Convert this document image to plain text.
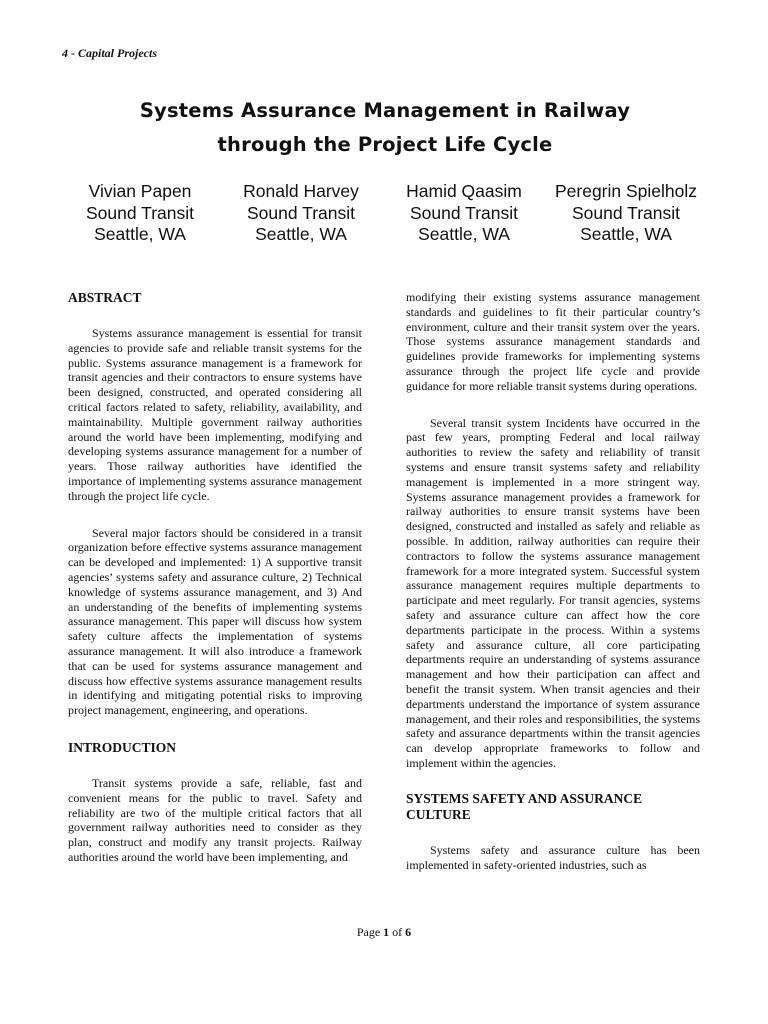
4 - Capital Projects
Systems Assurance Management in Railway
through the Project Life Cycle
Vivian Papen
Sound Transit
Seattle, WA
Ronald Harvey
Sound Transit
Seattle, WA
Hamid Qaasim
Sound Transit
Seattle, WA
Peregrin Spielholz
Sound Transit
Seattle, WA
ABSTRACT

Systems assurance management is essential for transit agencies to provide safe and reliable transit systems for the public. Systems assurance management is a framework for transit agencies and their contractors to ensure systems have been designed, constructed, and operated considering all critical factors related to safety, reliability, availability, and maintainability. Multiple government railway authorities around the world have been implementing, modifying and developing systems assurance management for a number of years. Those railway authorities have identified the importance of implementing systems assurance management through the project life cycle.

Several major factors should be considered in a transit organization before effective systems assurance management can be developed and implemented: 1) A supportive transit agencies’ systems safety and assurance culture, 2) Technical knowledge of systems assurance management, and 3) And an understanding of the benefits of implementing systems assurance management. This paper will discuss how system safety culture affects the implementation of systems assurance management. It will also introduce a framework that can be used for systems assurance management and discuss how effective systems assurance management results in identifying and mitigating potential risks to improving project management, engineering, and operations.

INTRODUCTION

Transit systems provide a safe, reliable, fast and convenient means for the public to travel. Safety and reliability are two of the multiple critical factors that all government railway authorities need to consider as they plan, construct and modify any transit projects. Railway authorities around the world have been implementing, and

modifying their existing systems assurance management standards and guidelines to fit their particular country’s environment, culture and their transit system over the years. Those systems assurance management standards and guidelines provide frameworks for implementing systems assurance through the project life cycle and provide guidance for more reliable transit systems during operations.

Several transit system Incidents have occurred in the past few years, prompting Federal and local railway authorities to review the safety and reliability of transit systems and ensure transit systems safety and reliability management is implemented in a more stringent way. Systems assurance management provides a framework for railway authorities to ensure transit systems have been designed, constructed and installed as safely and reliable as possible. In addition, railway authorities can require their contractors to follow the systems assurance management framework for a more integrated system. Successful system assurance management requires multiple departments to participate and meet regularly. For transit agencies, systems safety and assurance culture can affect how the core departments participate in the process. Within a systems safety and assurance culture, all core participating departments require an understanding of systems assurance management and how their participation can affect and benefit the transit system. When transit agencies and their departments understand the importance of system assurance management, and their roles and responsibilities, the systems safety and assurance departments within the transit agencies can develop appropriate frameworks to follow and implement within the agencies.

SYSTEMS SAFETY AND ASSURANCE CULTURE

Systems safety and assurance culture has been implemented in safety-oriented industries, such as

Page 1 of 6
